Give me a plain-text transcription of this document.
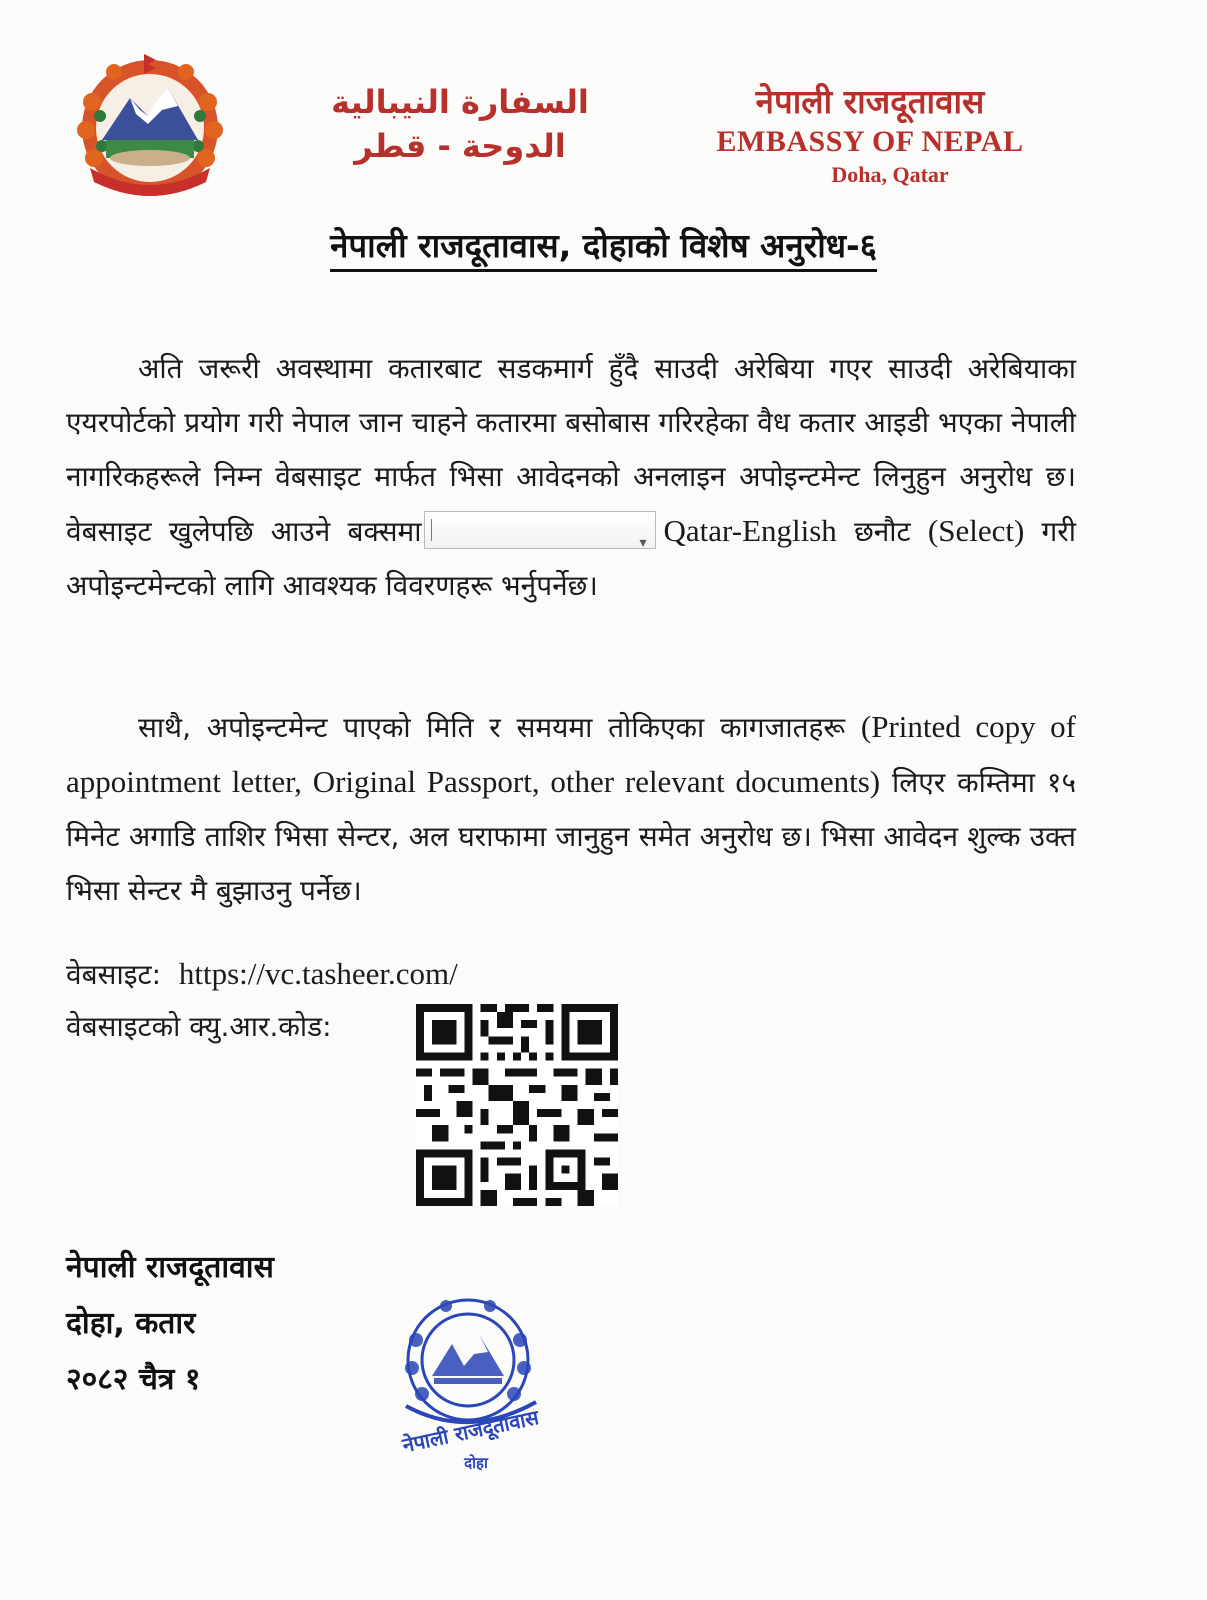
السفارة النيبالية
الدوحة - قطر
नेपाली राजदूतावास
EMBASSY OF NEPAL
Doha, Qatar
नेपाली राजदूतावास, दोहाको विशेष अनुरोध-६
अति जरूरी अवस्थामा कतारबाट सडकमार्ग हुँदै साउदी अरेबिया गएर साउदी अरेबियाका एयरपोर्टको प्रयोग गरी नेपाल जान चाहने कतारमा बसोबास गरिरहेका वैध कतार आइडी भएका नेपाली नागरिकहरूले निम्न वेबसाइट मार्फत भिसा आवेदनको अनलाइन अपोइन्टमेन्ट लिनुहुन अनुरोध छ। वेबसाइट खुलेपछि आउने बक्समा	▾ Qatar-English छनौट (Select) गरी अपोइन्टमेन्टको लागि आवश्यक विवरणहरू भर्नुपर्नेछ।
साथै, अपोइन्टमेन्ट पाएको मिति र समयमा तोकिएका कागजातहरू (Printed copy of appointment letter, Original Passport, other relevant documents) लिएर कम्तिमा १५ मिनेट अगाडि ताशिर भिसा सेन्टर, अल घराफामा जानुहुन समेत अनुरोध छ। भिसा आवेदन शुल्क उक्त भिसा सेन्टर मै बुझाउनु पर्नेछ।
वेबसाइट: https://vc.tasheer.com/
वेबसाइटको क्यु.आर.कोड:
नेपाली राजदूतावास
दोहा, कतार
२०८२ चैत्र १
नेपाली राजदूतावास
दोहा
